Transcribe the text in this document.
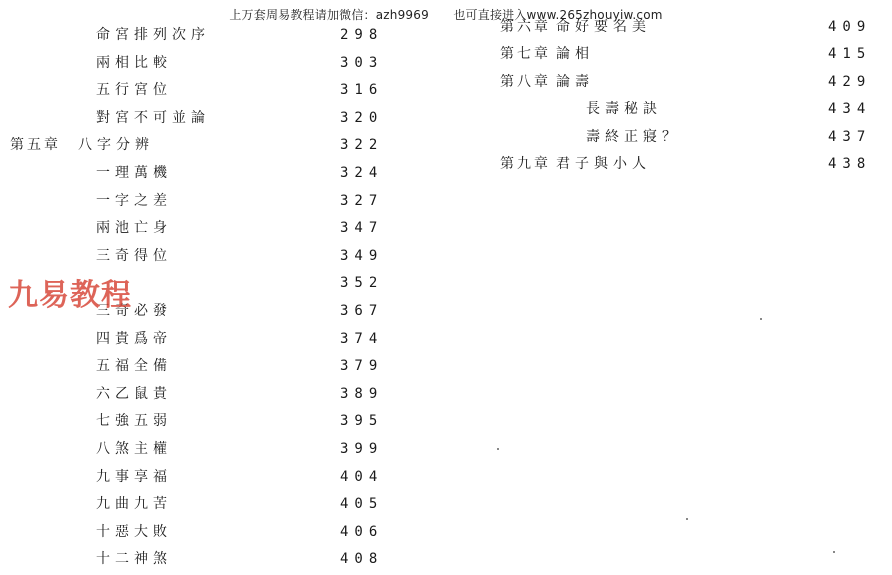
上万套周易教程请加微信：azh9969　　也可直接进入www.265zhouyiw.com
命宮排列次序	298
兩相比較	303
五行宮位	316
對宮不可並論	320
第五章 八字分辨	322
一理萬機	324
一字之差	327
兩池亡身	347
三奇得位	349
352
三奇必發	367
四貴爲帝	374
五福全備	379
六乙鼠貴	389
七強五弱	395
八煞主權	399
九事享福	404
九曲九苦	405
十惡大敗	406
十二神煞	408
第六章 命好要名美	409
第七章 論相	415
第八章 論壽	429
長壽秘訣	434
壽終正寢？	437
第九章 君子與小人	438
九易教程
